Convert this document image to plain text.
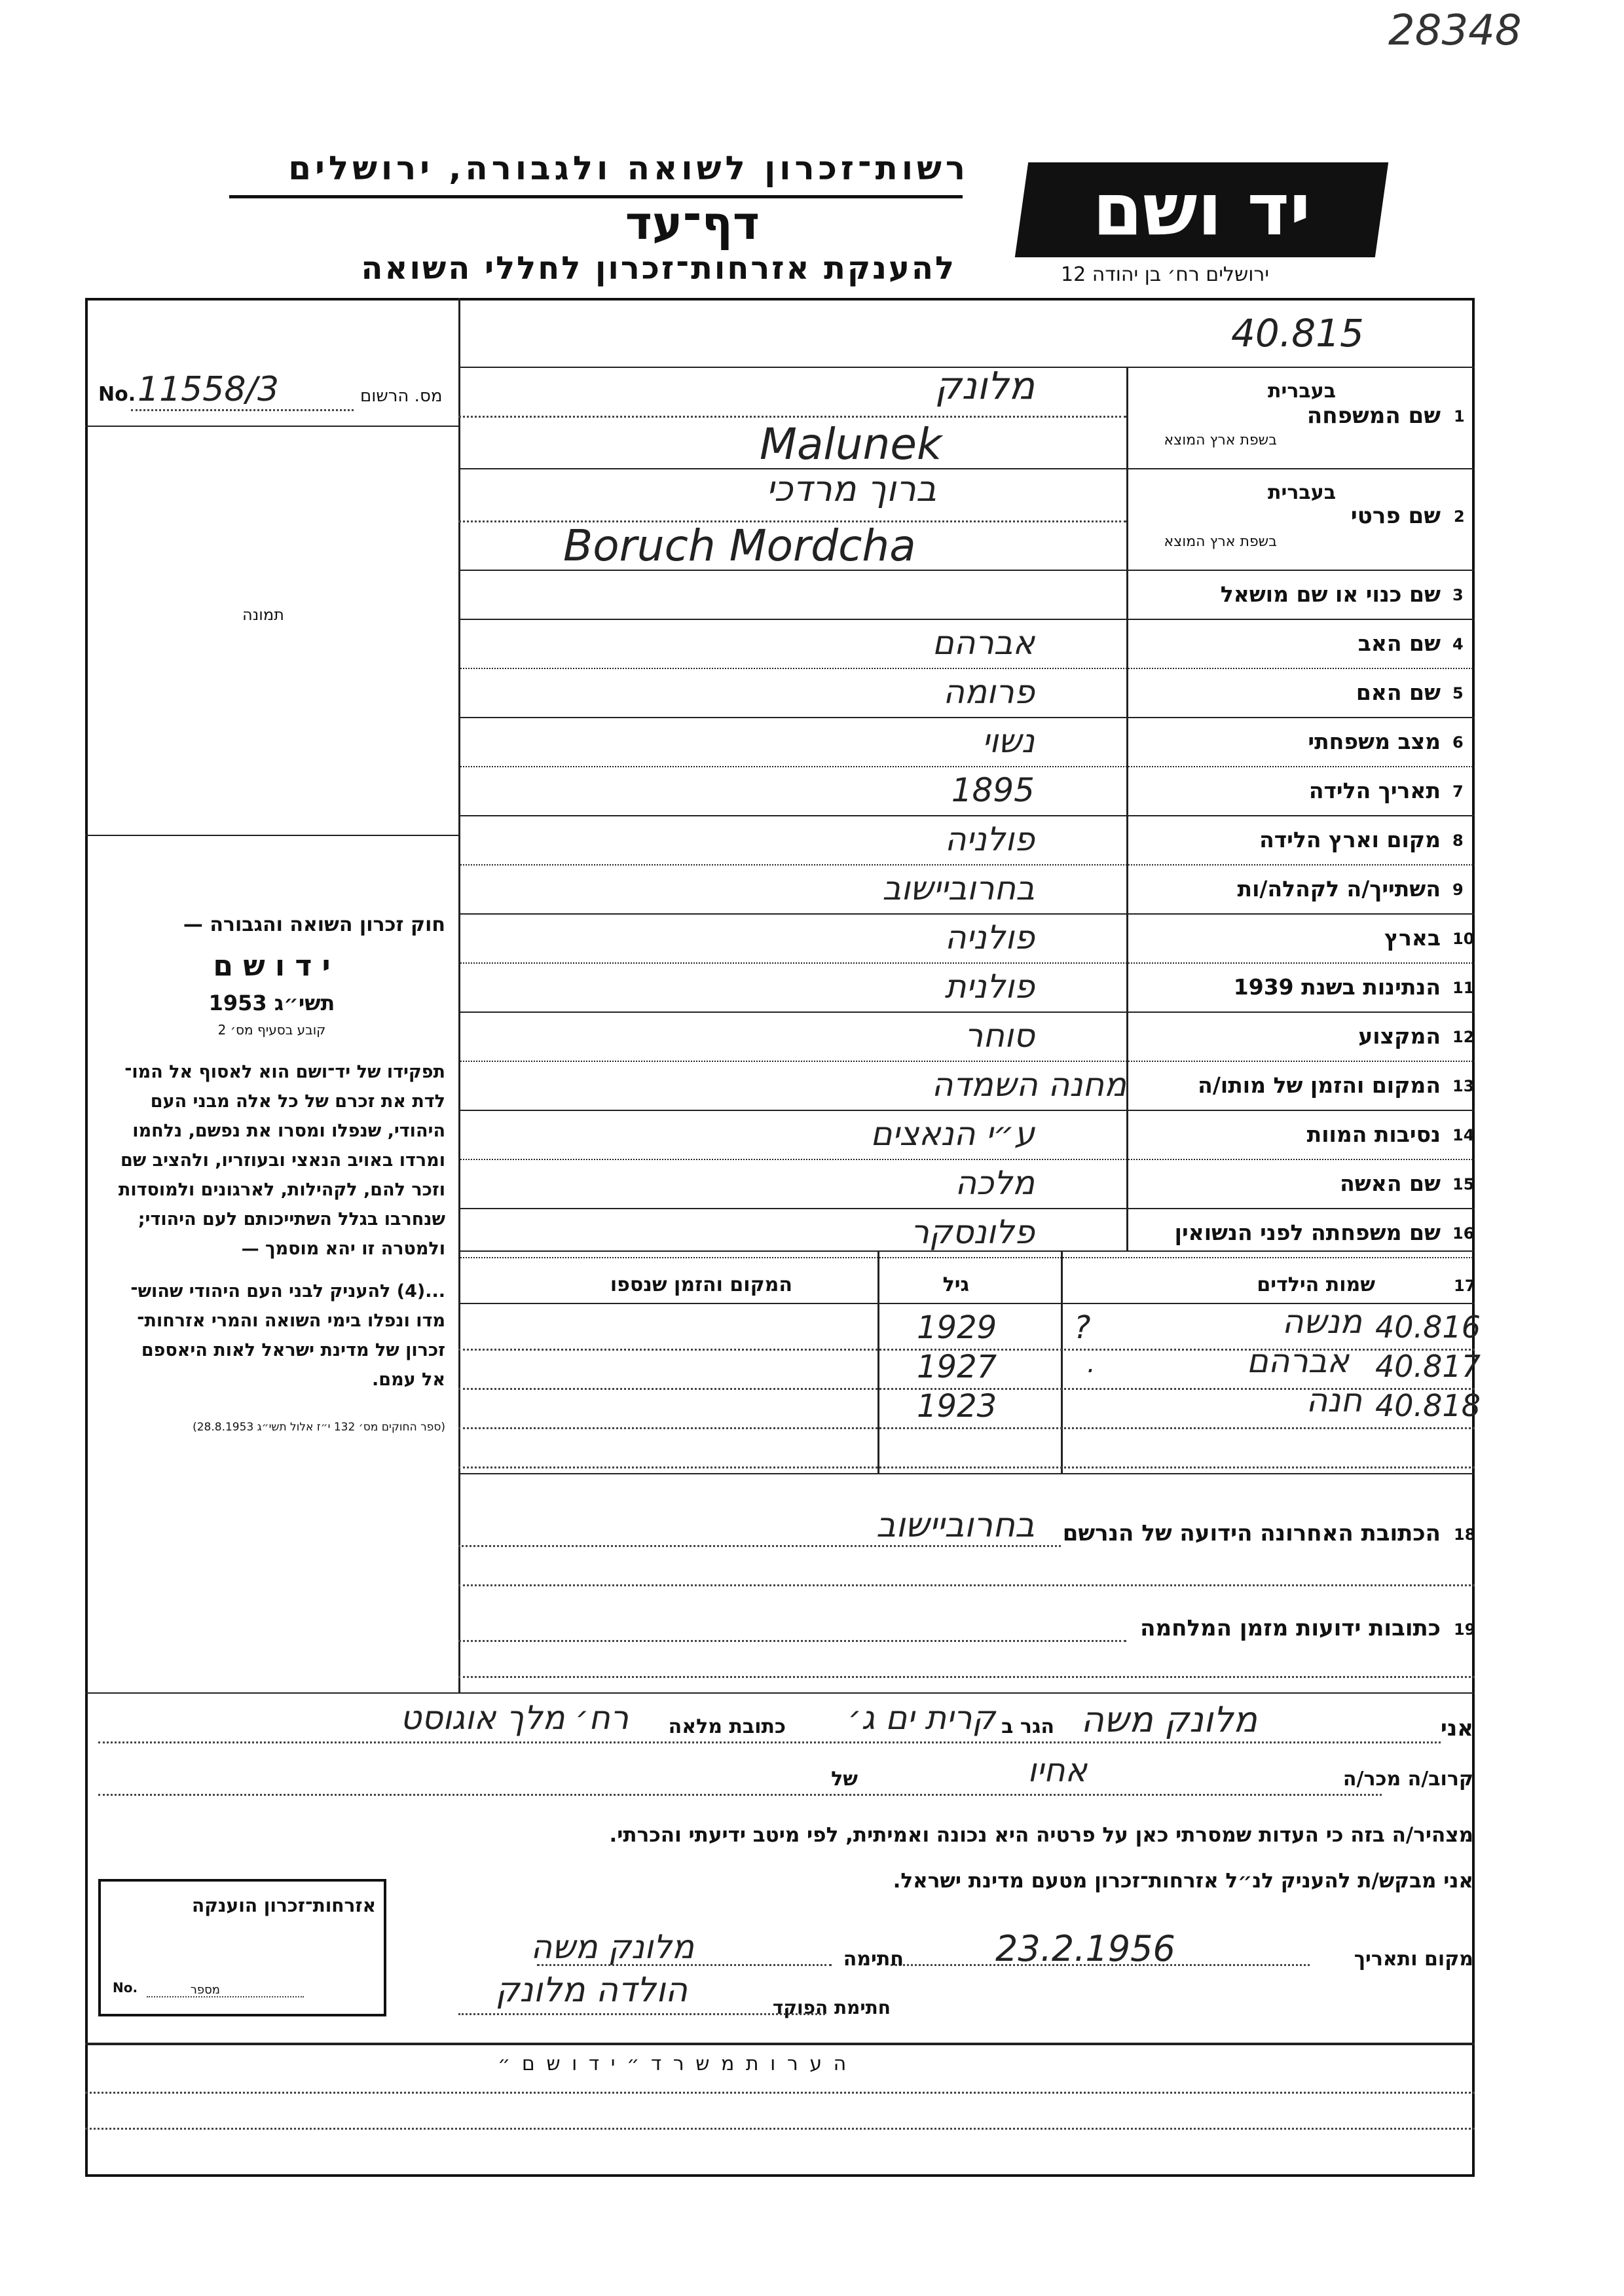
28348
רשות־זכרון לשואה ולגבורה, ירושלים
דף־עד
להענקת אזרחות־זכרון לחללי השואה
יד ושם
ירושלים רח׳ בן יהודה 12
40.815
מס. הרשום
No. 11558/3
תמונה
1
שם המשפחה
בעברית
בשפת ארץ המוצא
מלונק
Malunek
2
שם פרטי
בעברית
בשפת ארץ המוצא
ברוך מרדכי
Boruch Mordcha
3
שם כנוי או שם מושאל
4
שם האב
אברהם
5
שם האם
פרומה
6
מצב משפחתי
נשוי
7
תאריך הלידה
1895
8
מקום וארץ הלידה
פולניה
9
השתייך/ה לקהלה/ות
בחרוביישוב
10
בארץ
פולניה
11
הנתינות בשנת 1939
פולנית
12
המקצוע
סוחר
13
המקום והזמן של מותו/ה
מחנה השמדה
14
נסיבות המוות
ע״י הנאצים
15
שם האשה
מלכה
16
שם משפחתה לפני הנשואין
פלונסקר
17
שמות הילדים
גיל
המקום והזמן שנספו
מנשה 40.816
1929 ?
אברהם 40.817
1927	.
חנה 40.818
1923
18
הכתובת האחרונה הידועה של הנרשם
בחרוביישוב
19
כתובות ידועות מזמן המלחמה
חוק זכרון השואה והגבורה —
י ד ו ש ם
תשי״ג 1953
קובע בסעיף מס׳ 2
תפקידו של יד־ושם הוא לאסוף אל המו־
לדת את זכרם של כל אלה מבני העם
היהודי, שנפלו ומסרו את נפשם, נלחמו
ומרדו באויב הנאצי ובעוזריו, ולהציב שם
וזכר להם, לקהילות, לארגונים ולמוסדות
שנחרבו בגלל השתייכותם לעם היהודי;
ולמטרה זו יהא מוסמך —
...(4) להעניק לבני העם היהודי שהוש־
מדו ונפלו בימי השואה והמרי אזרחות־
זכרון של מדינת ישראל לאות היאספם
אל עמם.
(ספר החוקים מס׳ 132 י״ז אלול תשי״ג 28.8.1953)
אני
מלונק משה
הגר ב
קרית ים ג׳
כתובת מלאה
רח׳ מלך אוגוסט
קרוב/ה מכר/ה
אחיו
של
מצהיר/ה בזה כי העדות שמסרתי כאן על פרטיה היא נכונה ואמיתית, לפי מיטב ידיעתי והכרתי.
אני מבקש/ת להעניק לנ״ל אזרחות־זכרון מטעם מדינת ישראל.
מקום ותאריך
23.2.1956
חתימה
מלונק משה
חתימת הפוקד
הולדה מלונק
אזרחות־זכרון הוענקה
מספר
No.
ה ע ר ו ת מ ש ר ד ״ י ד ו ש ם ״
